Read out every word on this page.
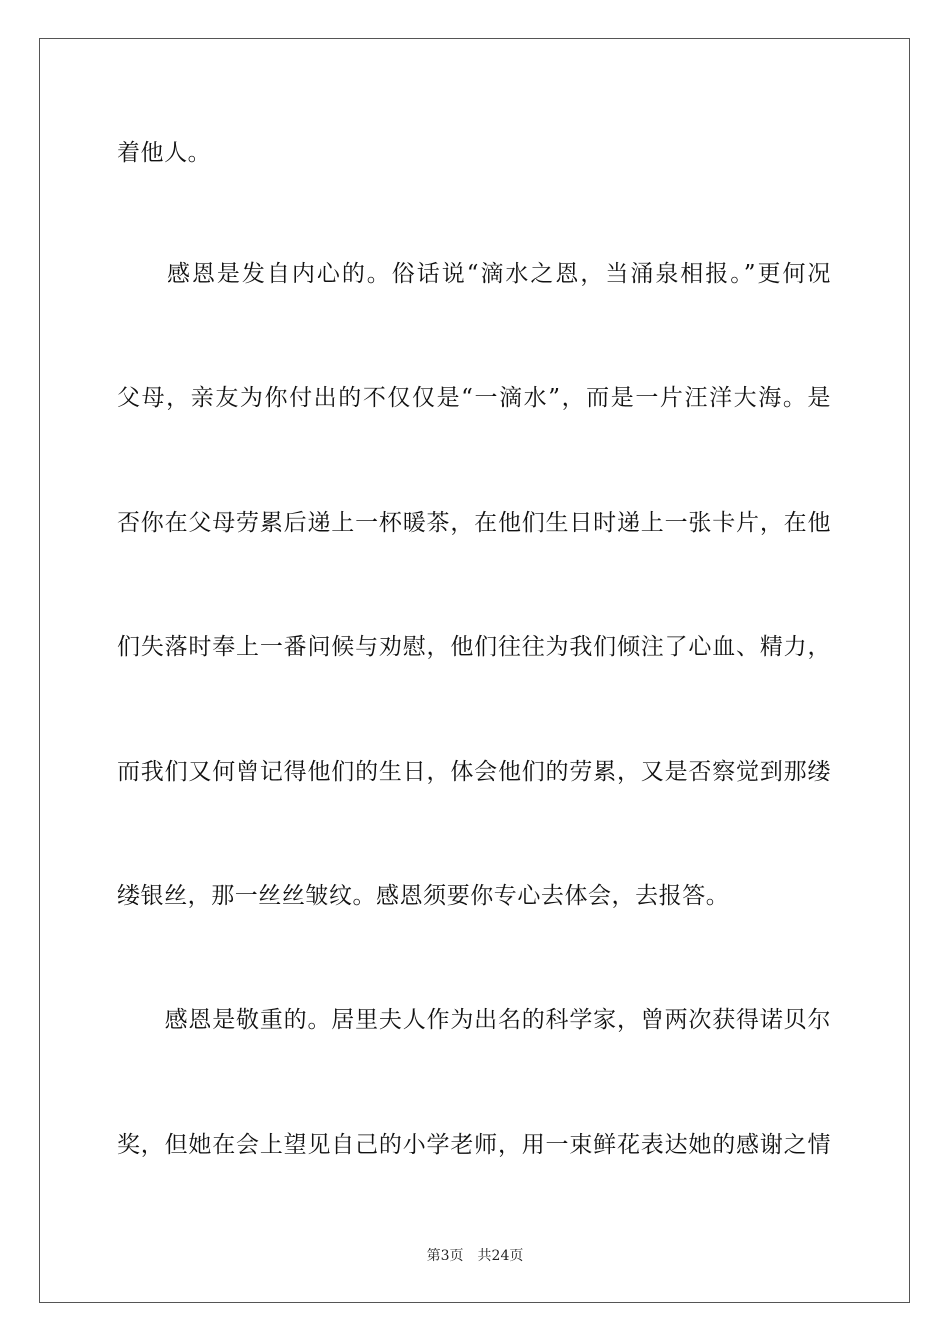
着他人。
　　感恩是发自内心的。俗话说“滴水之恩，当涌泉相报。”更何况
父母，亲友为你付出的不仅仅是“一滴水”，而是一片汪洋大海。是
否你在父母劳累后递上一杯暖茶，在他们生日时递上一张卡片，在他
们失落时奉上一番问候与劝慰，他们往往为我们倾注了心血、精力，
而我们又何曾记得他们的生日，体会他们的劳累，又是否察觉到那缕
缕银丝，那一丝丝皱纹。感恩须要你专心去体会，去报答。
　　感恩是敬重的。居里夫人作为出名的科学家，曾两次获得诺贝尔
奖，但她在会上望见自己的小学老师，用一束鲜花表达她的感谢之情
第3页 共24页
